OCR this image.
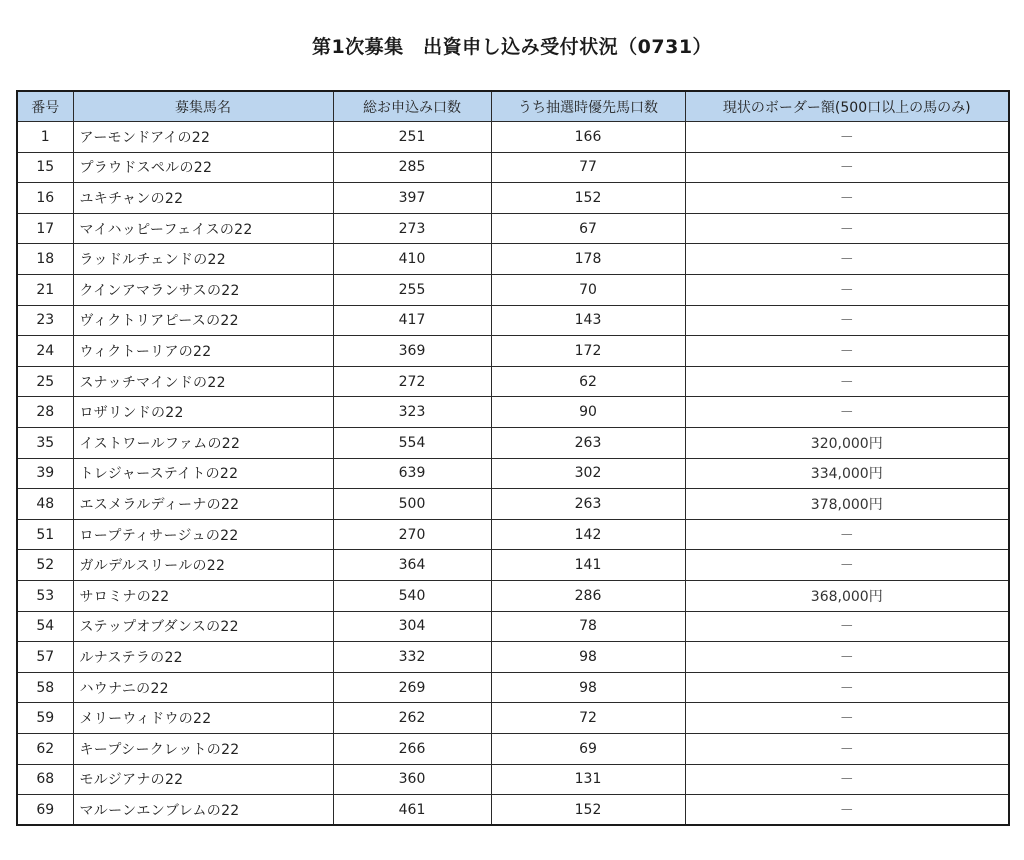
第1次募集　出資申し込み受付状況（0731）
番号	募集馬名	総お申込み口数	うち抽選時優先馬口数	現状のボーダー額(500口以上の馬のみ)
1	アーモンドアイの22	251	166	－
15	プラウドスペルの22	285	77	－
16	ユキチャンの22	397	152	－
17	マイハッピーフェイスの22	273	67	－
18	ラッドルチェンドの22	410	178	－
21	クインアマランサスの22	255	70	－
23	ヴィクトリアピースの22	417	143	－
24	ウィクトーリアの22	369	172	－
25	スナッチマインドの22	272	62	－
28	ロザリンドの22	323	90	－
35	イストワールファムの22	554	263	320,000円
39	トレジャーステイトの22	639	302	334,000円
48	エスメラルディーナの22	500	263	378,000円
51	ロープティサージュの22	270	142	－
52	ガルデルスリールの22	364	141	－
53	サロミナの22	540	286	368,000円
54	ステップオブダンスの22	304	78	－
57	ルナステラの22	332	98	－
58	ハウナニの22	269	98	－
59	メリーウィドウの22	262	72	－
62	キープシークレットの22	266	69	－
68	モルジアナの22	360	131	－
69	マルーンエンブレムの22	461	152	－
